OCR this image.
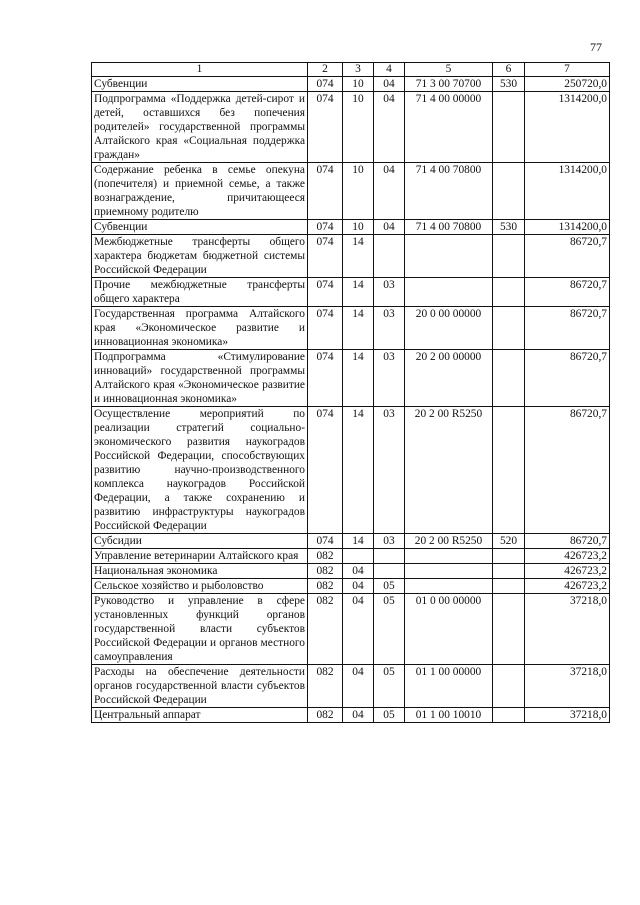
77
1	2	3	4	5	6	7
Субвенции	074	10	04	71 3 00 70700	530	250720,0
Подпрограмма «Поддержка детей-сирот и детей, оставшихся без попечения родителей» государственной программы Алтайского края «Социальная поддержка граждан»	074	10	04	71 4 00 00000		1314200,0
Содержание ребенка в семье опекуна (попечителя) и приемной семье, а также вознаграждение, причитающееся приемному родителю	074	10	04	71 4 00 70800		1314200,0
Субвенции	074	10	04	71 4 00 70800	530	1314200,0
Межбюджетные трансферты общего характера бюджетам бюджетной системы Российской Федерации	074	14				86720,7
Прочие межбюджетные трансферты общего характера	074	14	03			86720,7
Государственная программа Алтайского края «Экономическое развитие и инновационная экономика»	074	14	03	20 0 00 00000		86720,7
Подпрограмма «Стимулирование инноваций» государственной программы Алтайского края «Экономическое развитие и инновационная экономика»	074	14	03	20 2 00 00000		86720,7
Осуществление мероприятий по реализации стратегий социально-экономического развития наукоградов Российской Федерации, способствующих развитию научно-производственного комплекса наукоградов Российской Федерации, а также сохранению и развитию инфраструктуры наукоградов Российской Федерации	074	14	03	20 2 00 R5250		86720,7
Субсидии	074	14	03	20 2 00 R5250	520	86720,7
Управление ветеринарии Алтайского края	082					426723,2
Национальная экономика	082	04				426723,2
Сельское хозяйство и рыболовство	082	04	05			426723,2
Руководство и управление в сфере установленных функций органов государственной власти субъектов Российской Федерации и органов местного самоуправления	082	04	05	01 0 00 00000		37218,0
Расходы на обеспечение деятельности органов государственной власти субъектов Российской Федерации	082	04	05	01 1 00 00000		37218,0
Центральный аппарат	082	04	05	01 1 00 10010		37218,0
